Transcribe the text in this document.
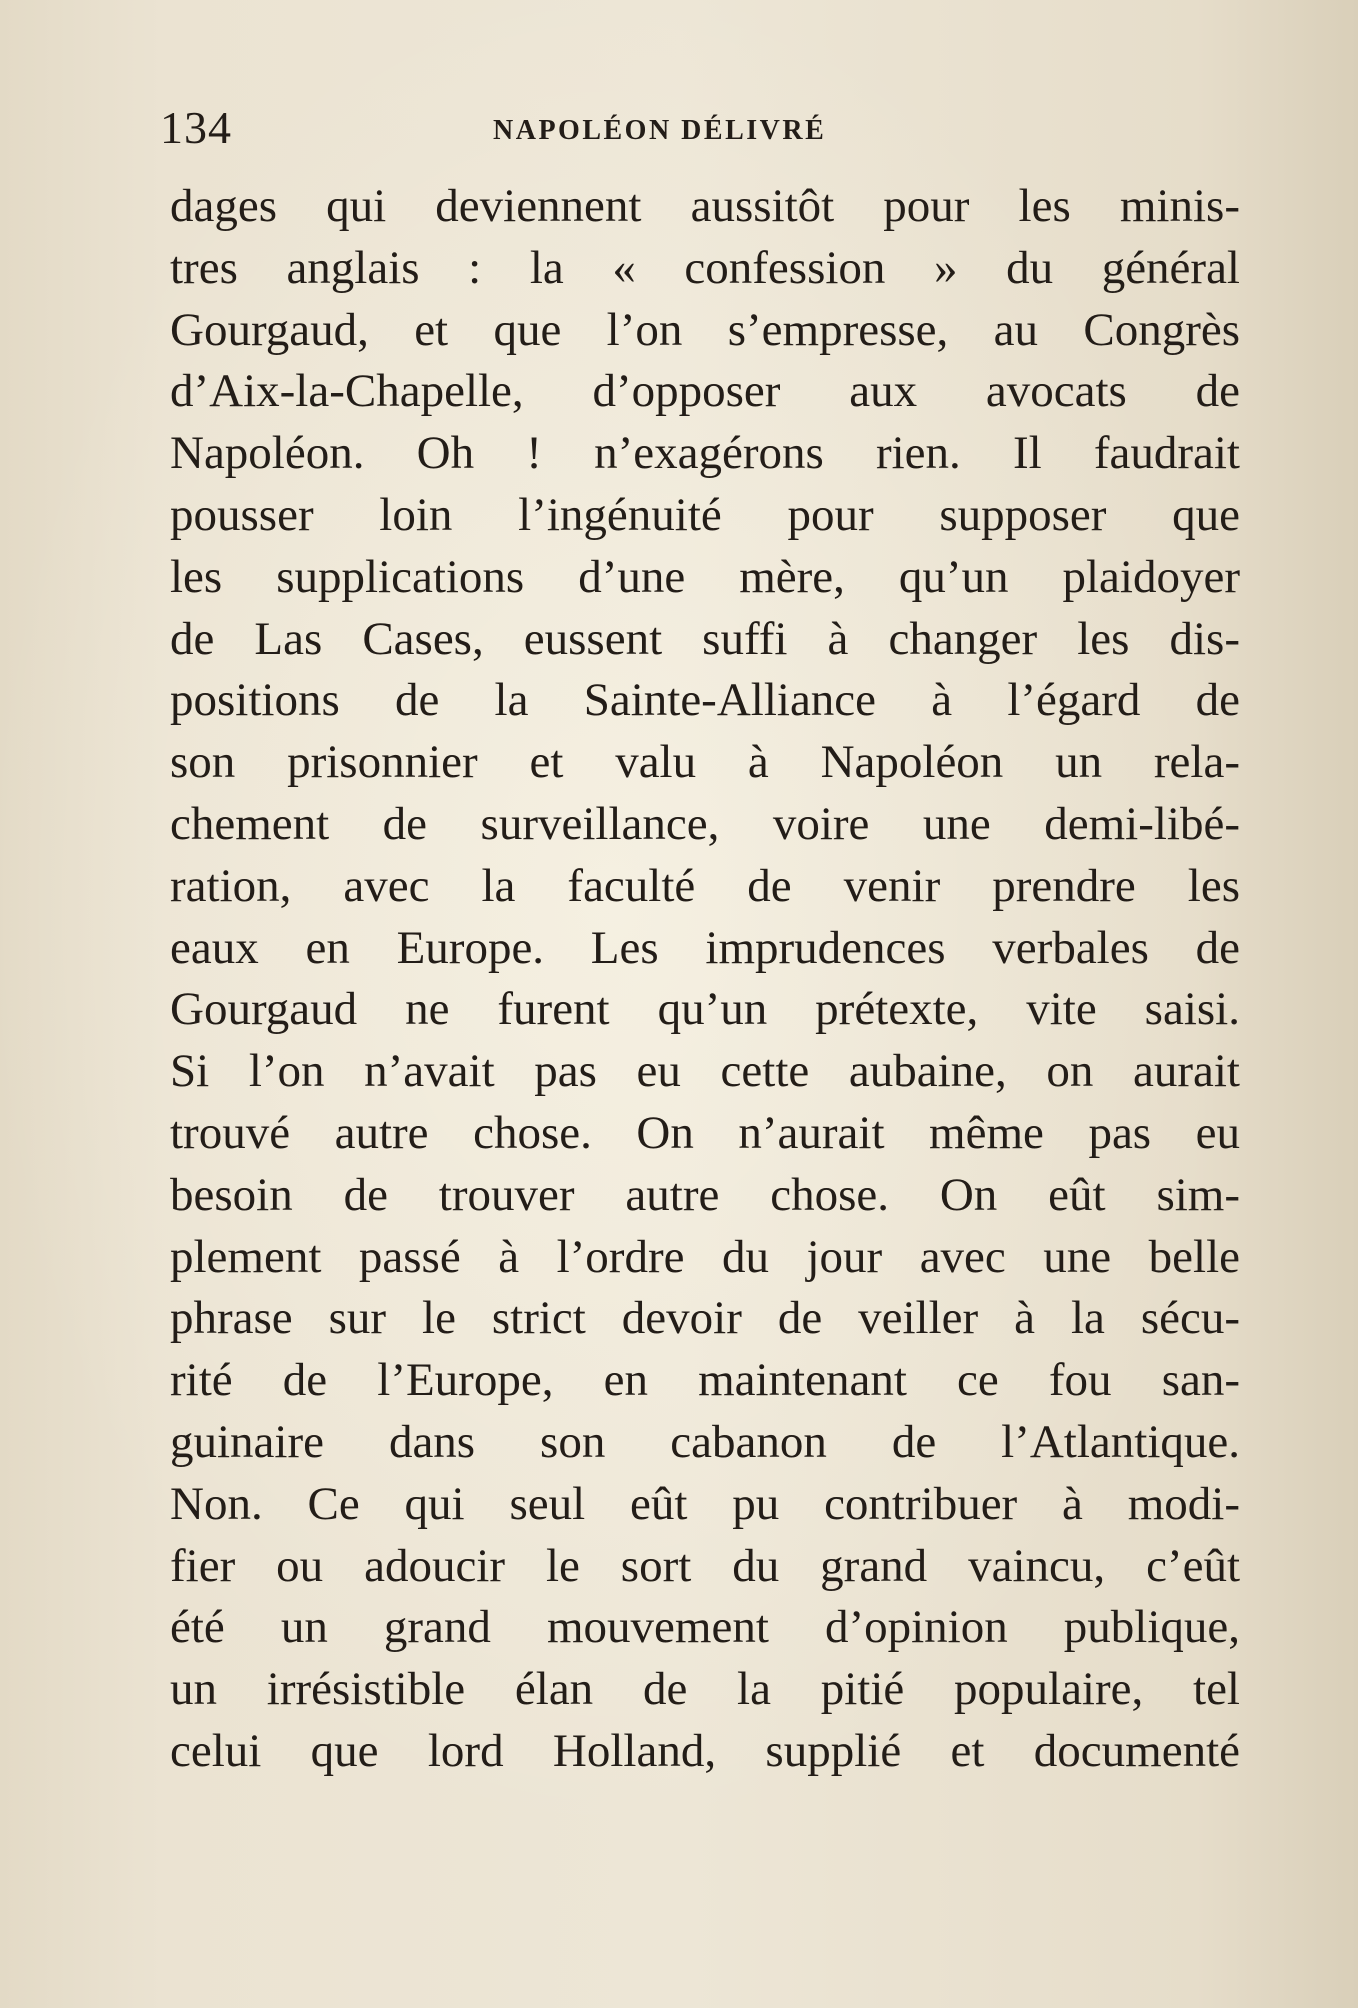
134	NAPOLÉON DÉLIVRÉ
dages qui deviennent aussitôt pour les minis-
tres anglais : la « confession » du général
Gourgaud, et que l’on s’empresse, au Congrès
d’Aix-la-Chapelle, d’opposer aux avocats de
Napoléon. Oh ! n’exagérons rien. Il faudrait
pousser loin l’ingénuité pour supposer que
les supplications d’une mère, qu’un plaidoyer
de Las Cases, eussent suffi à changer les dis-
positions de la Sainte-Alliance à l’égard de
son prisonnier et valu à Napoléon un rela-
chement de surveillance, voire une demi-libé-
ration, avec la faculté de venir prendre les
eaux en Europe. Les imprudences verbales de
Gourgaud ne furent qu’un prétexte, vite saisi.
Si l’on n’avait pas eu cette aubaine, on aurait
trouvé autre chose. On n’aurait même pas eu
besoin de trouver autre chose. On eût sim-
plement passé à l’ordre du jour avec une belle
phrase sur le strict devoir de veiller à la sécu-
rité de l’Europe, en maintenant ce fou san-
guinaire dans son cabanon de l’Atlantique.
Non. Ce qui seul eût pu contribuer à modi-
fier ou adoucir le sort du grand vaincu, c’eût
été un grand mouvement d’opinion publique,
un irrésistible élan de la pitié populaire, tel
celui que lord Holland, supplié et documenté
